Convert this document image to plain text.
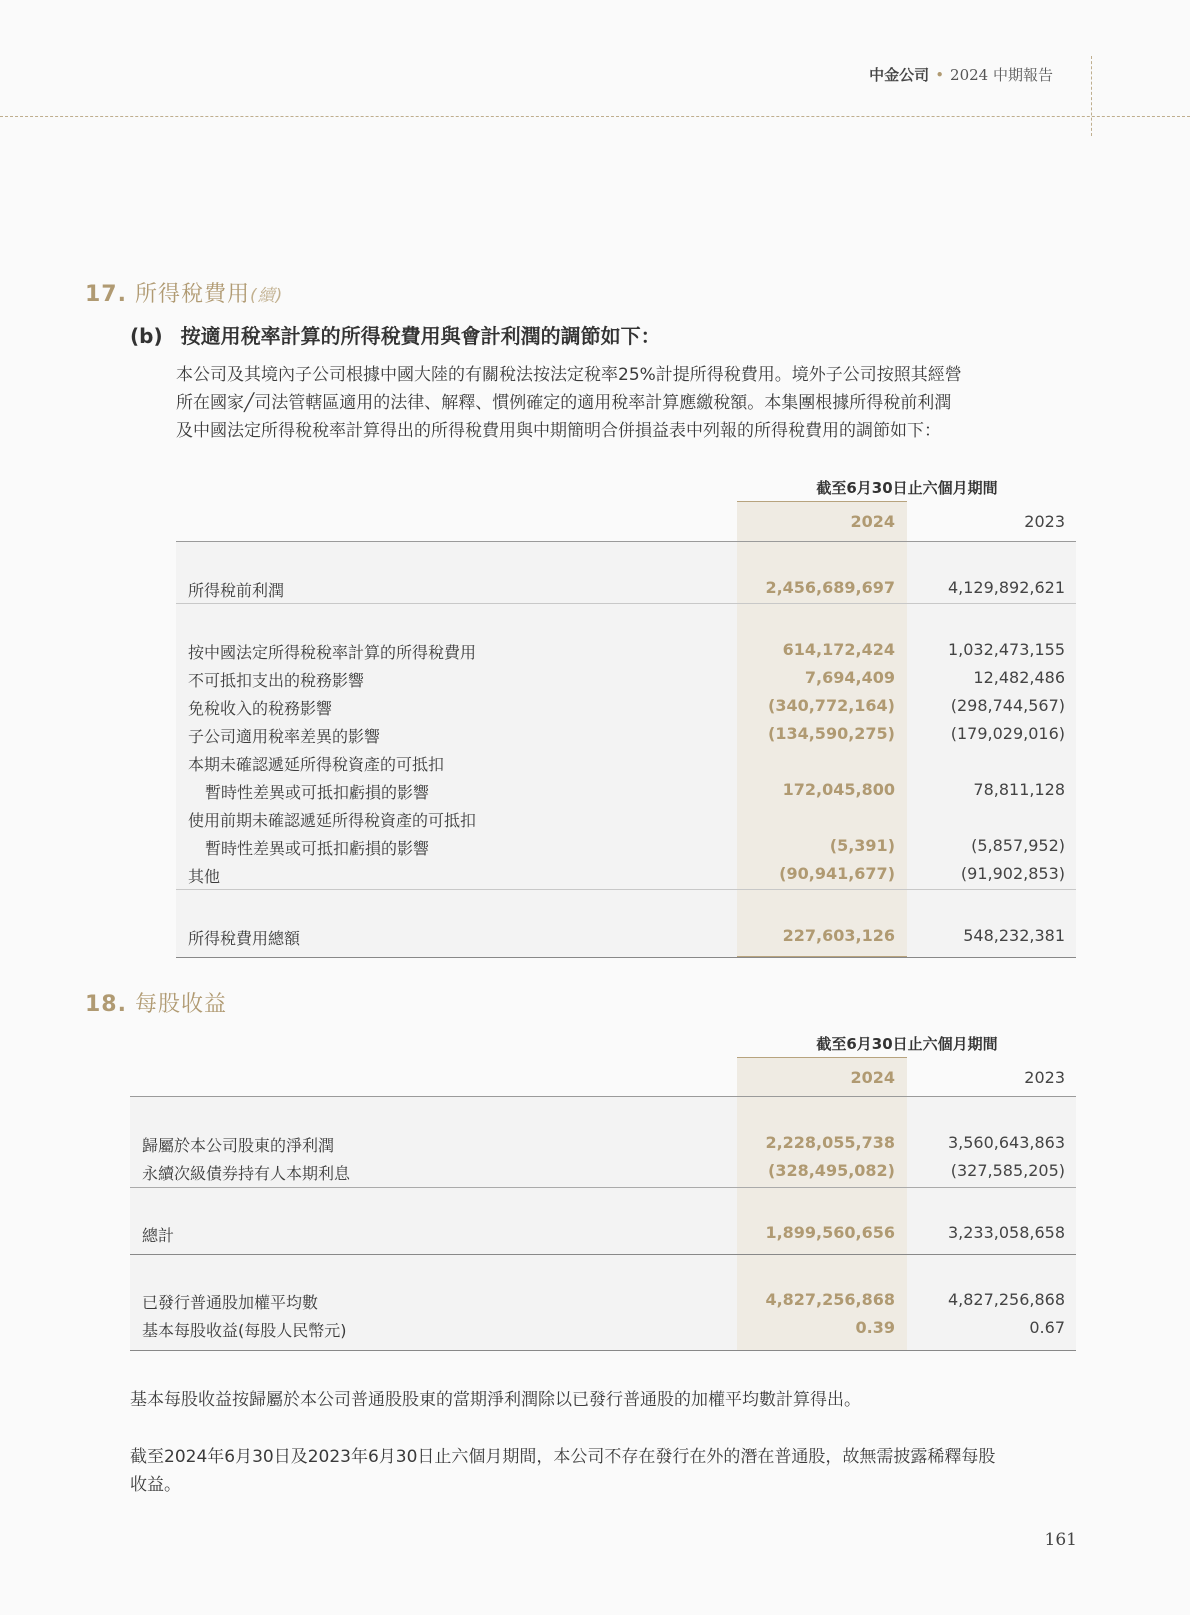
中金公司 • 2024 中期報告
17. 所得稅費用(續)
(b) 按適用稅率計算的所得稅費用與會計利潤的調節如下：
本公司及其境內子公司根據中國大陸的有關稅法按法定稅率25%計提所得稅費用。境外子公司按照其經營
所在國家╱司法管轄區適用的法律、解釋、慣例確定的適用稅率計算應繳稅額。本集團根據所得稅前利潤
及中國法定所得稅稅率計算得出的所得稅費用與中期簡明合併損益表中列報的所得稅費用的調節如下：
截至6月30日止六個月期間
2024	2023
所得稅前利潤	2,456,689,697	4,129,892,621
按中國法定所得稅稅率計算的所得稅費用	614,172,424	1,032,473,155
不可抵扣支出的稅務影響	7,694,409	12,482,486
免稅收入的稅務影響	(340,772,164)	(298,744,567)
子公司適用稅率差異的影響	(134,590,275)	(179,029,016)
本期未確認遞延所得稅資產的可抵扣
暫時性差異或可抵扣虧損的影響	172,045,800	78,811,128
使用前期未確認遞延所得稅資產的可抵扣
暫時性差異或可抵扣虧損的影響	(5,391)	(5,857,952)
其他	(90,941,677)	(91,902,853)
所得稅費用總額	227,603,126	548,232,381
18. 每股收益
截至6月30日止六個月期間
2024	2023
歸屬於本公司股東的淨利潤	2,228,055,738	3,560,643,863
永續次級債券持有人本期利息	(328,495,082)	(327,585,205)
總計	1,899,560,656	3,233,058,658
已發行普通股加權平均數	4,827,256,868	4,827,256,868
基本每股收益(每股人民幣元)	0.39	0.67
基本每股收益按歸屬於本公司普通股股東的當期淨利潤除以已發行普通股的加權平均數計算得出。
截至2024年6月30日及2023年6月30日止六個月期間，本公司不存在發行在外的潛在普通股，故無需披露稀釋每股
收益。
161
